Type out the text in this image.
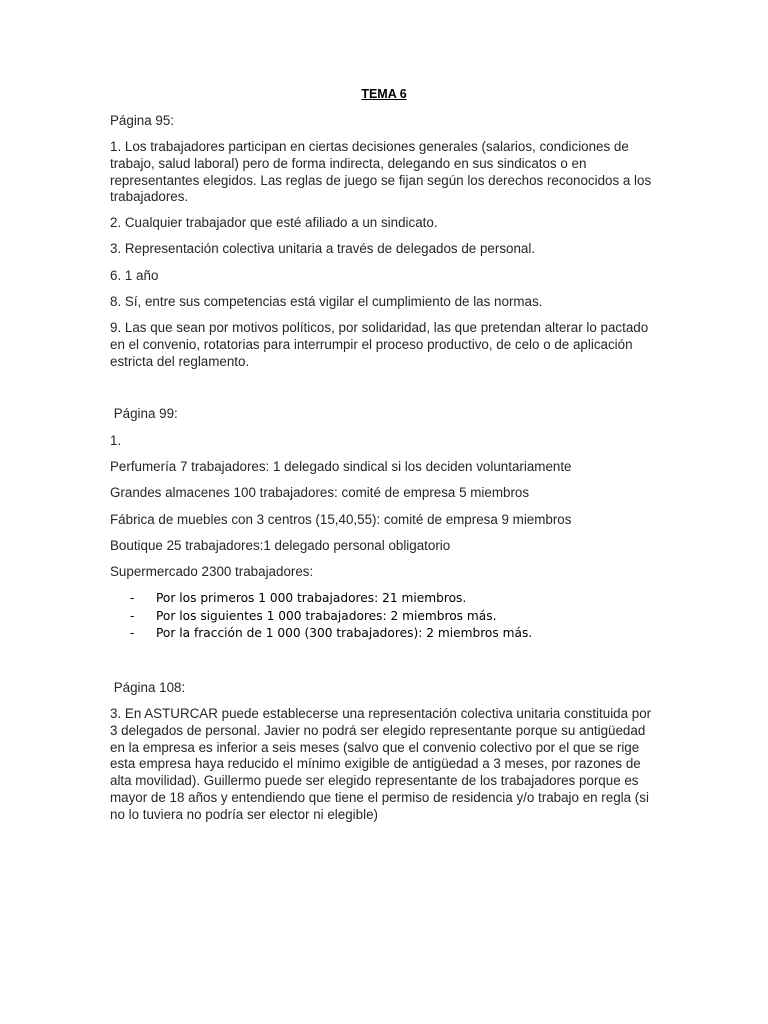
TEMA 6

Página 95:

1. Los trabajadores participan en ciertas decisiones generales (salarios, condiciones de trabajo, salud laboral) pero de forma indirecta, delegando en sus sindicatos o en representantes elegidos. Las reglas de juego se fijan según los derechos reconocidos a los trabajadores.

2. Cualquier trabajador que esté afiliado a un sindicato.

3. Representación colectiva unitaria a través de delegados de personal.

6. 1 año

8. Sí, entre sus competencias está vigilar el cumplimiento de las normas.

9. Las que sean por motivos políticos, por solidaridad, las que pretendan alterar lo pactado en el convenio, rotatorias para interrumpir el proceso productivo, de celo o de aplicación estricta del reglamento.

Página 99:

1.

Perfumería 7 trabajadores: 1 delegado sindical si los deciden voluntariamente

Grandes almacenes 100 trabajadores: comité de empresa 5 miembros

Fábrica de muebles con 3 centros (15,40,55): comité de empresa 9 miembros

Boutique 25 trabajadores:1 delegado personal obligatorio

Supermercado 2300 trabajadores:

- Por los primeros 1 000 trabajadores: 21 miembros.
- Por los siguientes 1 000 trabajadores: 2 miembros más.
- Por la fracción de 1 000 (300 trabajadores): 2 miembros más.

Página 108:

3. En ASTURCAR puede establecerse una representación colectiva unitaria constituida por 3 delegados de personal. Javier no podrá ser elegido representante porque su antigüedad en la empresa es inferior a seis meses (salvo que el convenio colectivo por el que se rige esta empresa haya reducido el mínimo exigible de antigüedad a 3 meses, por razones de alta movilidad). Guillermo puede ser elegido representante de los trabajadores porque es mayor de 18 años y entendiendo que tiene el permiso de residencia y/o trabajo en regla (si no lo tuviera no podría ser elector ni elegible)
